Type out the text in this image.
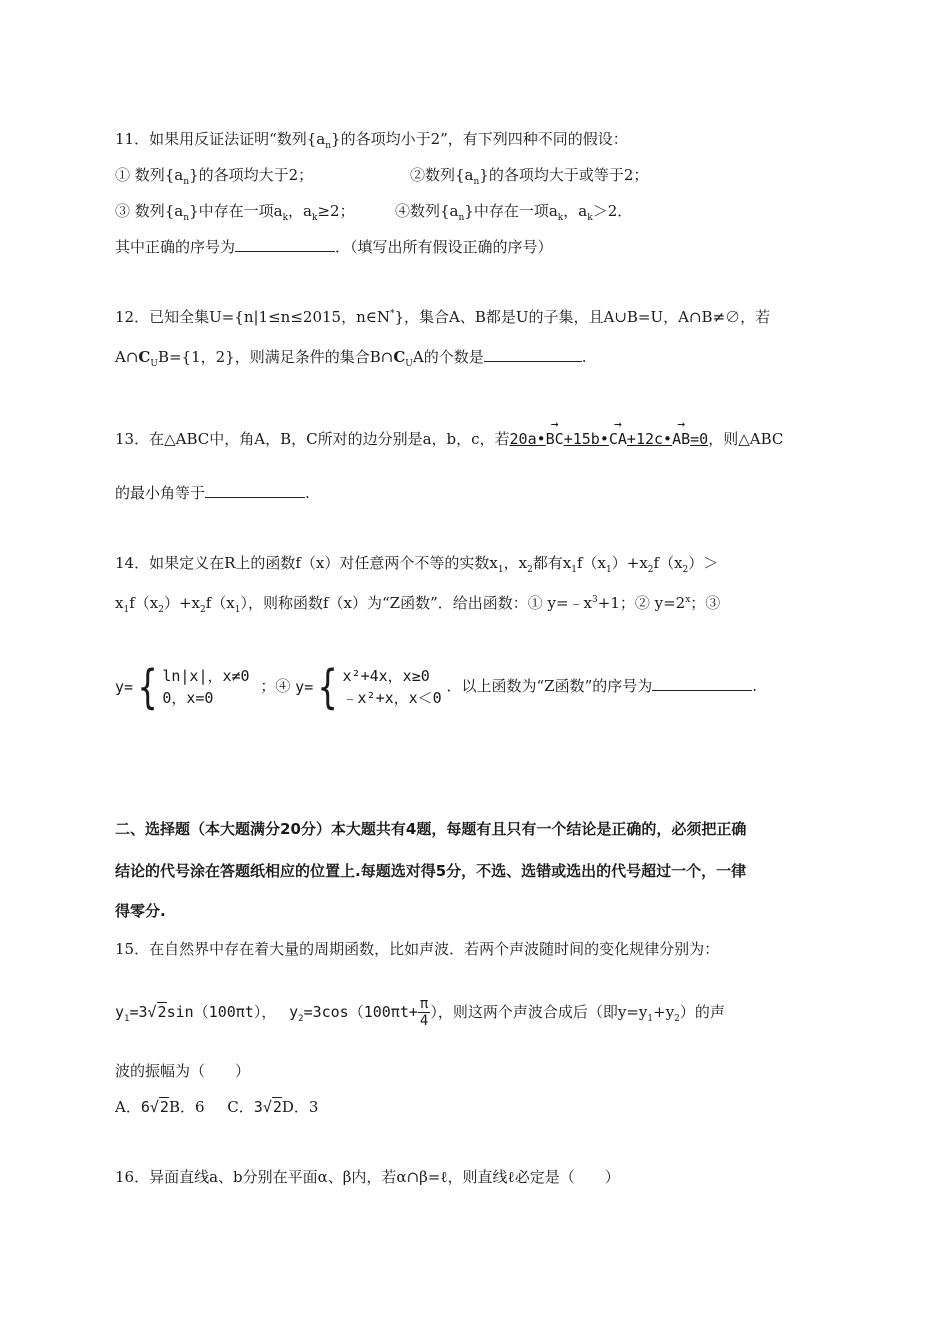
11．如果用反证法证明“数列$\{a_n\}$的各项均小于2”，有下列四种不同的假设：
① 数列$\{a_n\}$的各项均大于2；	②数列$\{a_n\}$的各项均大于或等于2；
③ 数列$\{a_n\}$中存在一项$a_k$，$a_k\ge 2$；	④数列$\{a_n\}$中存在一项$a_k$，$a_k>2$．
其中正确的序号为	．（填写出所有假设正确的序号）
12．已知全集U={n|1≤n≤2015，n∈N*}，集合A、B都是U的子集，且A∪B=U，A∩B≠∅，若
$A\cap C_UB=\{1$，2}，则满足条件的集合$B\cap C_UA$的个数是	.
13．在△ABC中，角A，B，C所对的边分别是a，b，c，若20a•→ BC+15b•→ CA+12c•→ AB=0，则△ABC
的最小角等于	.
14．如果定义在R上的函数f（x）对任意两个不等的实数$x_1$，$x_2$都有$x_1f(x_1)+x_2f(x_2)>$
$x_1f(x_2)+x_2f(x_1)$，则称函数f（x）为“Z函数”．给出函数：① $y=﹣x^3+1$；② $y=2^x$；③
y= { ln|x|，x≠0
0，x=0
；④ y= { x²+4x，x≥0
﹣x²+x，x＜0
．以上函数为“Z函数”的序号为	.
二、选择题（本大题满分20分）本大题共有4题，每题有且只有一个结论是正确的，必须把正确
结论的代号涂在答题纸相应的位置上.每题选对得5分，不选、选错或选出的代号超过一个，一律
得零分.
15．在自然界中存在着大量的周期函数，比如声波．若两个声波随时间的变化规律分别为：
$y_1=3√2\sin(100\pi t)$， $y_2=3\cos(100\pi t+ \frac{\pi}{4}$ ），则这两个声波合成后（即$y=y_1+y_2$）的声
波的振幅为（　　）
A．6√2B．6 C．3√2D．3
16．异面直线a、b分别在平面α、β内，若α∩β=ℓ，则直线ℓ必定是（　　）
